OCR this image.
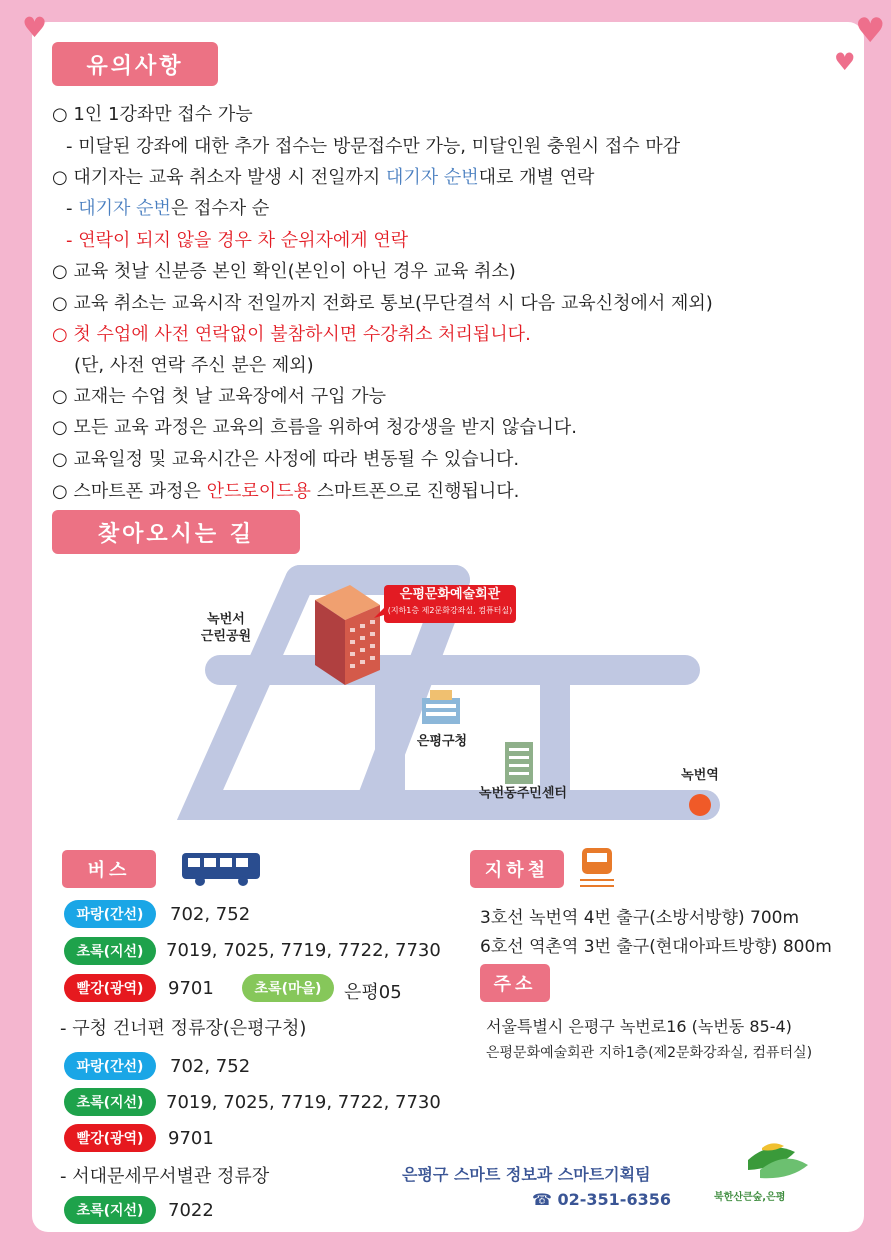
♥	♥
♥
유의사항
○ 1인 1강좌만 접수 가능
- 미달된 강좌에 대한 추가 접수는 방문접수만 가능, 미달인원 충원시 접수 마감
○ 대기자는 교육 취소자 발생 시 전일까지 대기자 순번대로 개별 연락
- 대기자 순번은 접수자 순
- 연락이 되지 않을 경우 차 순위자에게 연락
○ 교육 첫날 신분증 본인 확인(본인이 아닌 경우 교육 취소)
○ 교육 취소는 교육시작 전일까지 전화로 통보(무단결석 시 다음 교육신청에서 제외)
○ 첫 수업에 사전 연락없이 불참하시면 수강취소 처리됩니다.
(단, 사전 연락 주신 분은 제외)
○ 교재는 수업 첫 날 교육장에서 구입 가능
○ 모든 교육 과정은 교육의 흐름을 위하여 청강생을 받지 않습니다.
○ 교육일정 및 교육시간은 사정에 따라 변동될 수 있습니다.
○ 스마트폰 과정은 안드로이드용 스마트폰으로 진행됩니다.
찾아오시는 길
은평문화예술회관
(지하1층 제2문화강좌실, 컴퓨터실)
녹번서
근린공원
은평구청
녹번동주민센터
녹번역
버스
파랑(간선)	702, 752
초록(지선)	7019, 7025, 7719, 7722, 7730
빨강(광역)	9701	초록(마을)	은평05
- 구청 건너편 정류장(은평구청)
파랑(간선)	702, 752
초록(지선)	7019, 7025, 7719, 7722, 7730
빨강(광역)	9701
- 서대문세무서별관 정류장
초록(지선)	7022
지하철
3호선 녹번역 4번 출구(소방서방향) 700m
6호선 역촌역 3번 출구(현대아파트방향) 800m
주소
서울특별시 은평구 녹번로16 (녹번동 85-4)
은평문화예술회관 지하1층(제2문화강좌실, 컴퓨터실)
은평구 스마트 정보과 스마트기획팀
☎ 02-351-6356	북한산큰숲,은평
